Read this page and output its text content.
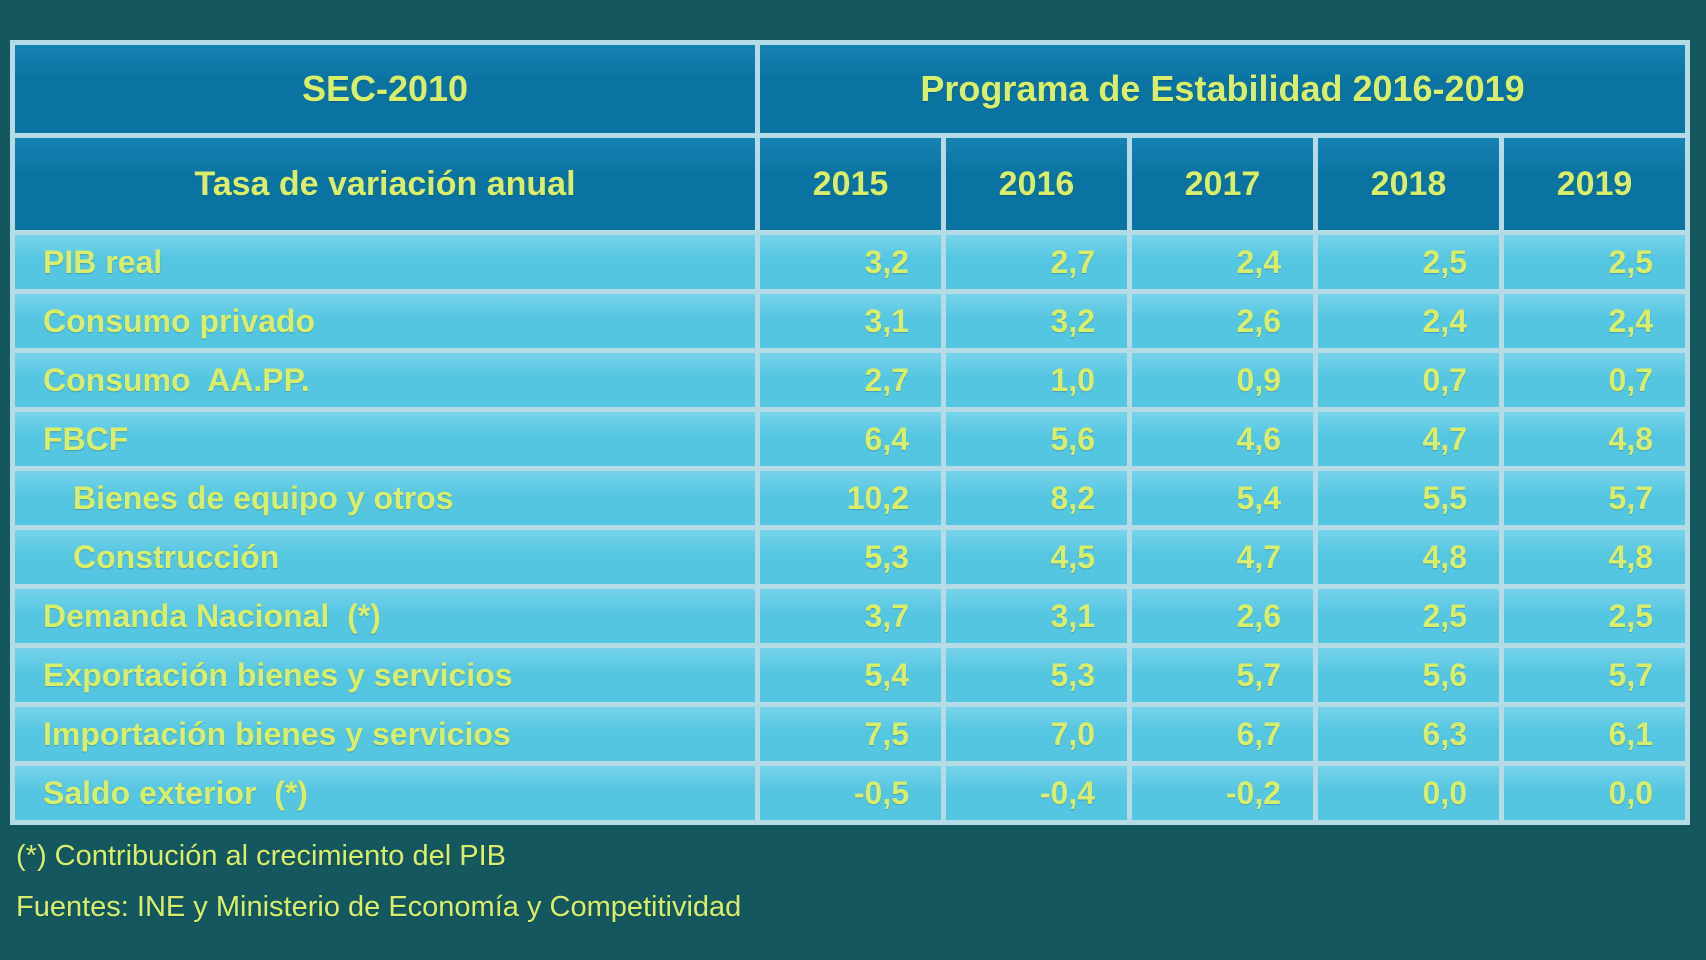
SEC-2010	Programa de Estabilidad 2016-2019				
Tasa de variación anual	2015	2016	2017	2018	2019
PIB real	3,2	2,7	2,4	2,5	2,5
Consumo privado	3,1	3,2	2,6	2,4	2,4
Consumo  AA.PP.	2,7	1,0	0,9	0,7	0,7
FBCF	6,4	5,6	4,6	4,7	4,8
Bienes de equipo y otros	10,2	8,2	5,4	5,5	5,7
Construcción	5,3	4,5	4,7	4,8	4,8
Demanda Nacional  (*)	3,7	3,1	2,6	2,5	2,5
Exportación bienes y servicios	5,4	5,3	5,7	5,6	5,7
Importación bienes y servicios	7,5	7,0	6,7	6,3	6,1
Saldo exterior  (*)	-0,5	-0,4	-0,2	0,0	0,0
(*) Contribución al crecimiento del PIB
Fuentes: INE y Ministerio de Economía y Competitividad
